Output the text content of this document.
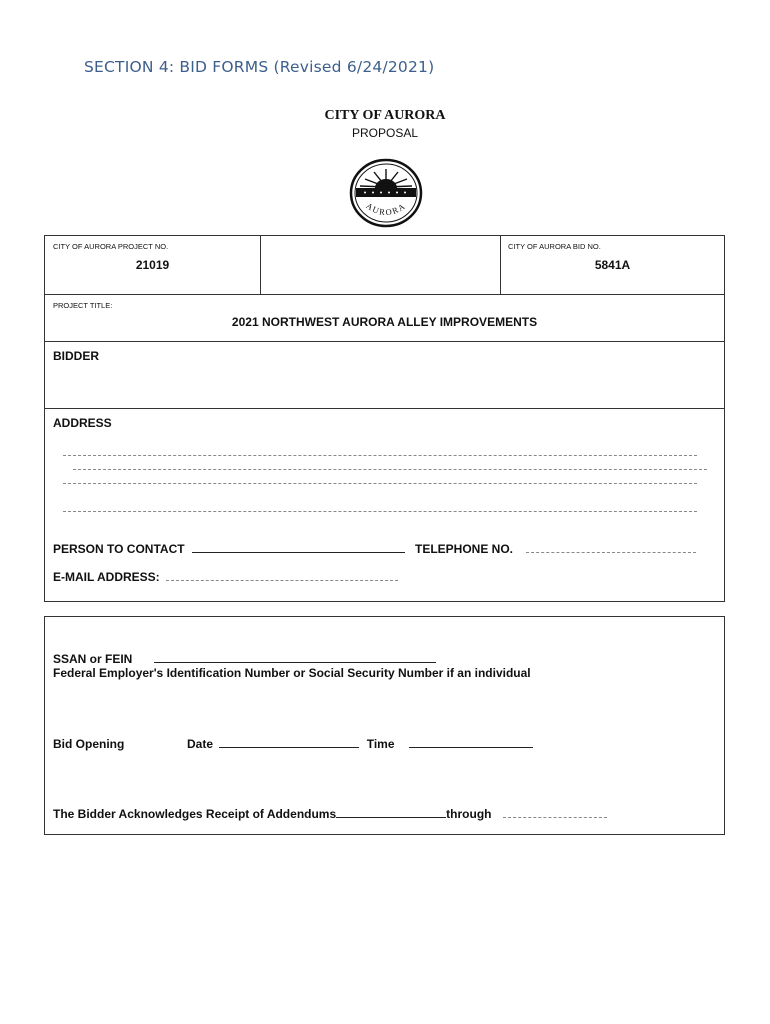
SECTION 4: BID FORMS (Revised 6/24/2021)
CITY OF AURORA
PROPOSAL
AURORA
CITY OF AURORA PROJECT NO.
21019
CITY OF AURORA BID NO.
5841A
PROJECT TITLE:
2021 NORTHWEST AURORA ALLEY IMPROVEMENTS
BIDDER
ADDRESS
PERSON TO CONTACT	TELEPHONE NO.
E-MAIL ADDRESS:
SSAN or FEIN
Federal Employer's Identification Number or Social Security Number if an individual
Bid Opening	Date	Time
The Bidder Acknowledges Receipt of Addendums	through
